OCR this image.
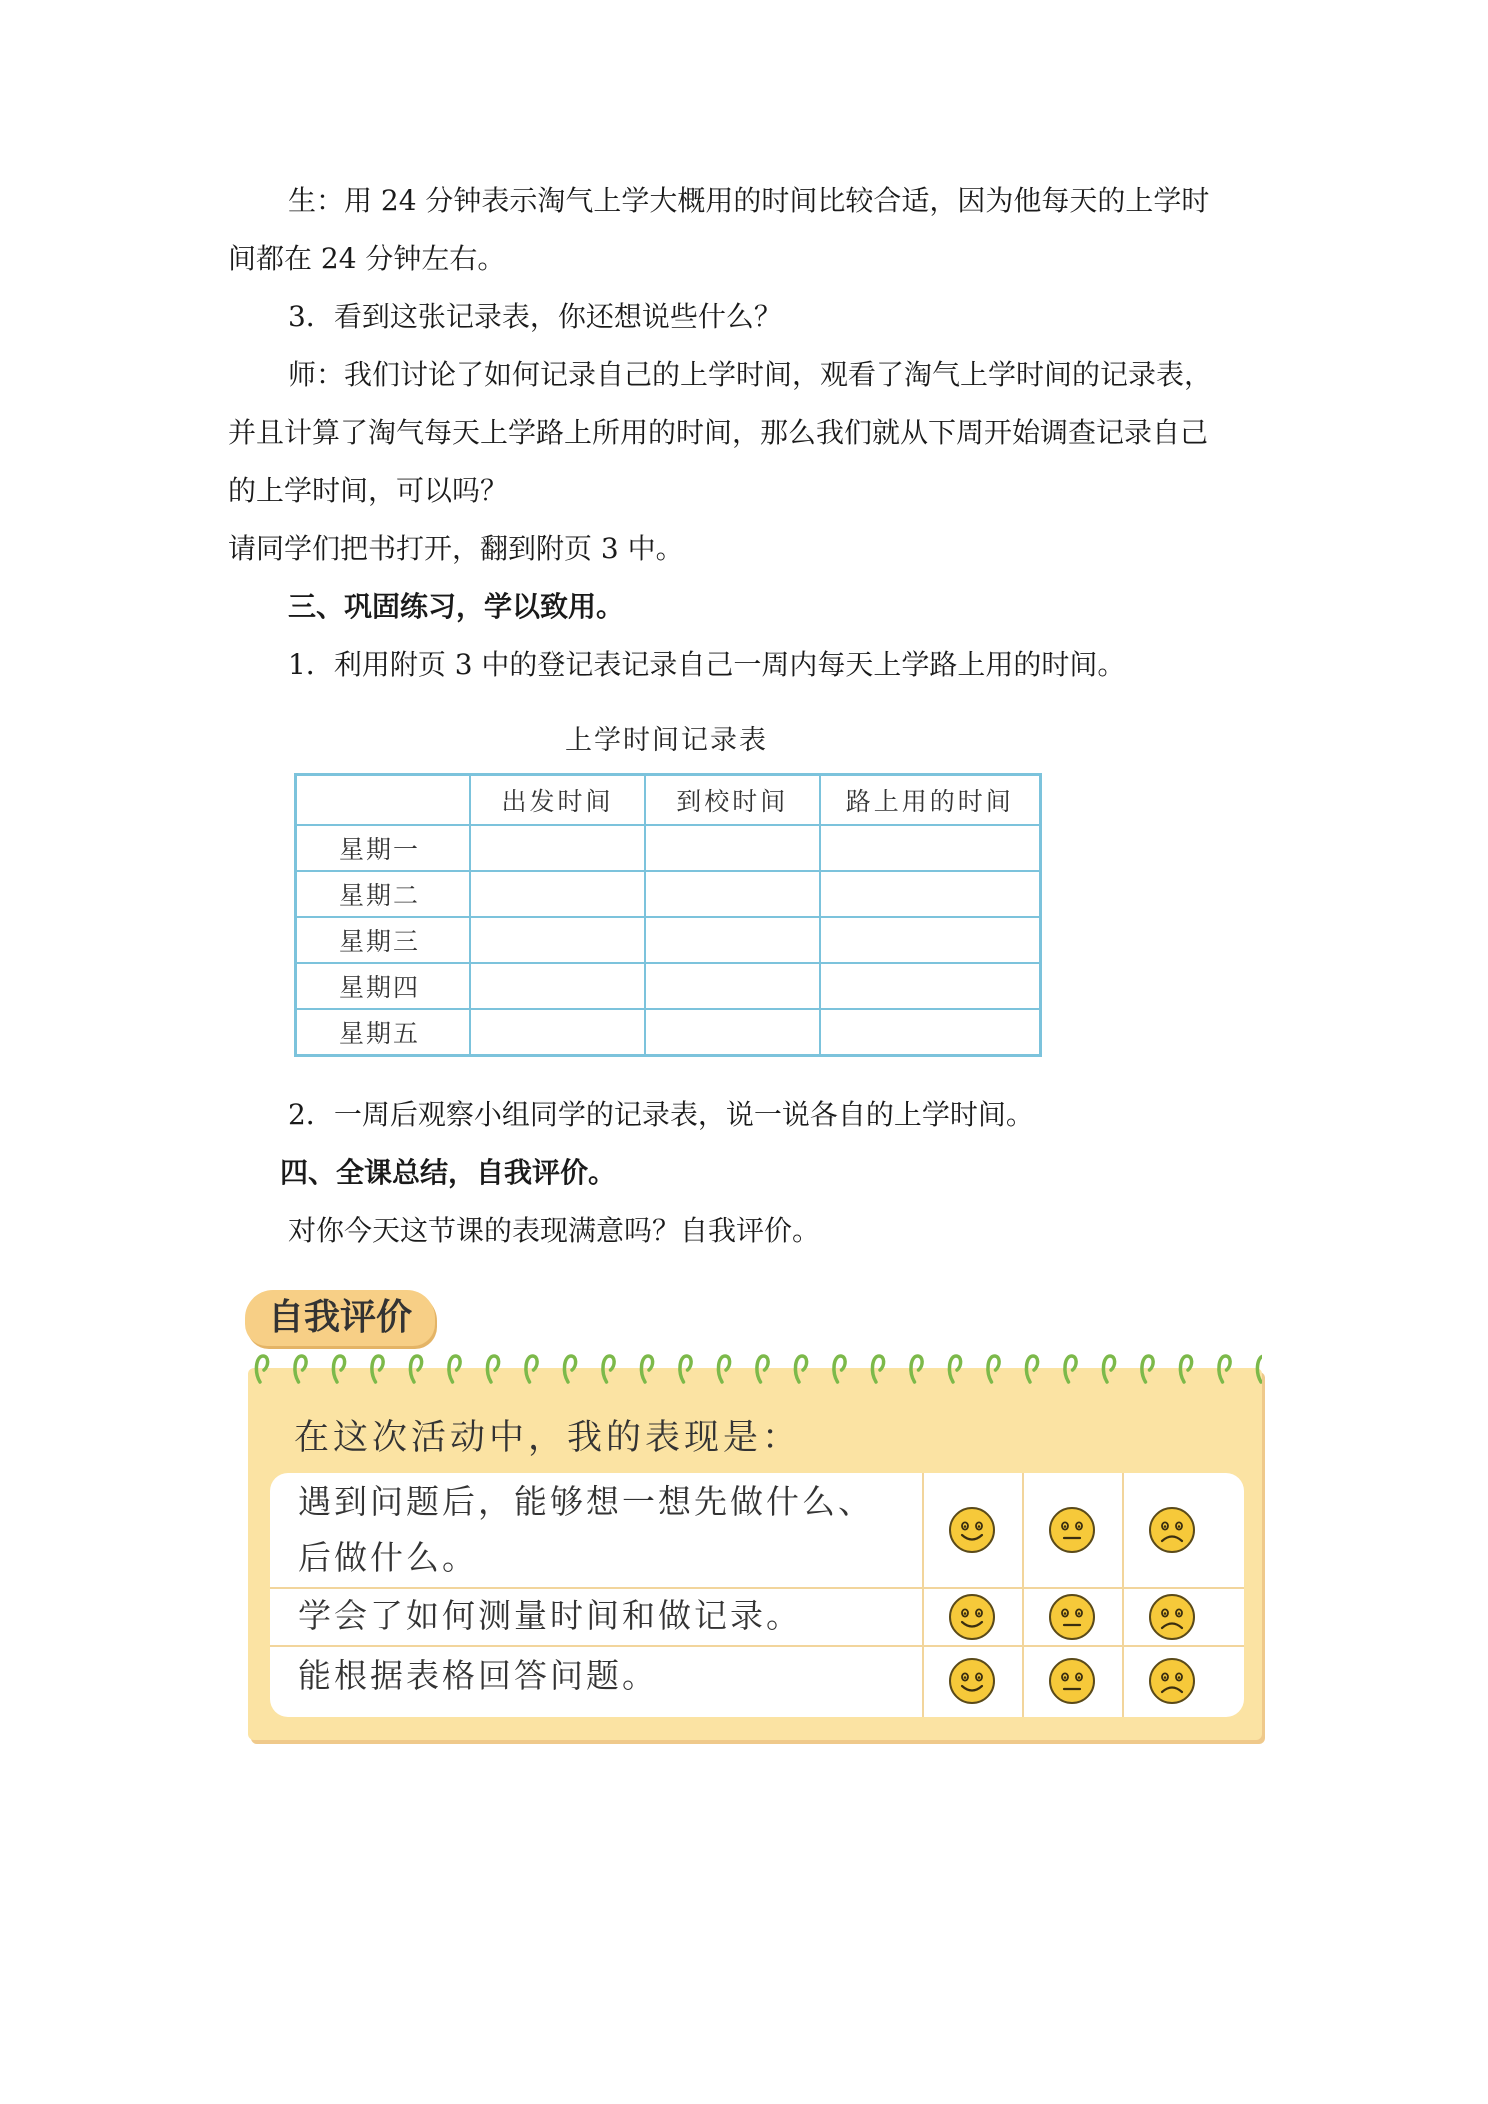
生：用 24 分钟表示淘气上学大概用的时间比较合适，因为他每天的上学时
间都在 24 分钟左右。
3．看到这张记录表，你还想说些什么？
师：我们讨论了如何记录自己的上学时间，观看了淘气上学时间的记录表，
并且计算了淘气每天上学路上所用的时间，那么我们就从下周开始调查记录自己
的上学时间，可以吗？
请同学们把书打开，翻到附页 3 中。
三、巩固练习，学以致用。
1．利用附页 3 中的登记表记录自己一周内每天上学路上用的时间。
上学时间记录表
	出发时间	到校时间	路上用的时间
星期一			
星期二			
星期三			
星期四			
星期五			
2．一周后观察小组同学的记录表，说一说各自的上学时间。
四、全课总结，自我评价。
对你今天这节课的表现满意吗？自我评价。
自我评价
在这次活动中，我的表现是：
遇到问题后，能够想一想先做什么、
后做什么。
学会了如何测量时间和做记录。
能根据表格回答问题。
